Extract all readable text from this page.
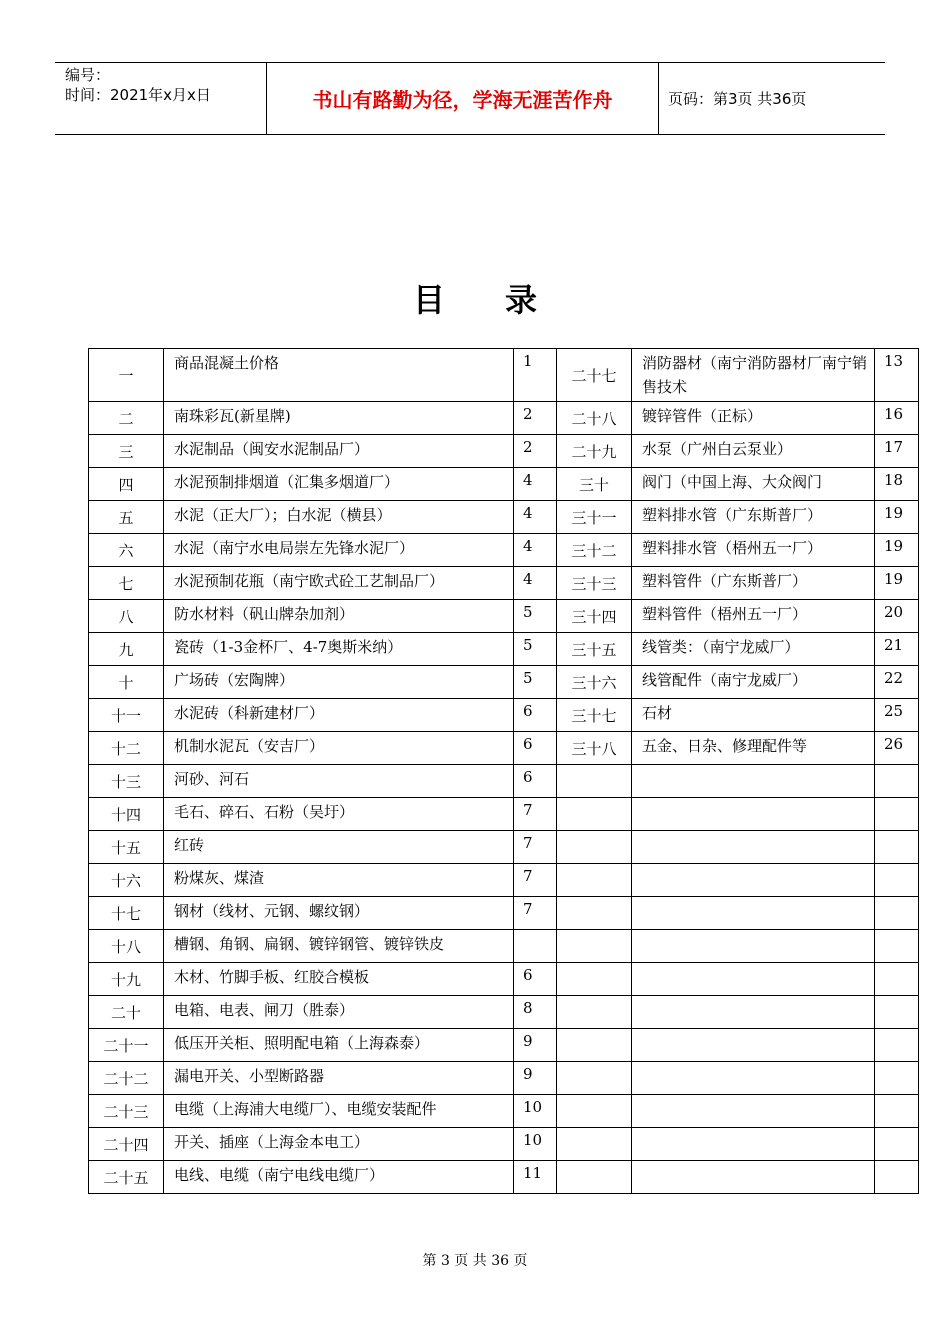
编号：
时间：2021年x月x日	书山有路勤为径，学海无涯苦作舟	页码：第3页 共36页
目录
一	商品混凝土价格	1	二十七	消防器材（南宁消防器材厂南宁销售技术	13
二	南珠彩瓦(新星牌)	2	二十八	镀锌管件（正标）	16
三	水泥制品（闽安水泥制品厂）	2	二十九	水泵（广州白云泵业）	17
四	水泥预制排烟道（汇集多烟道厂）	4	三十	阀门（中国上海、大众阀门	18
五	水泥（正大厂）；白水泥（横县）	4	三十一	塑料排水管（广东斯普厂）	19
六	水泥（南宁水电局崇左先锋水泥厂）	4	三十二	塑料排水管（梧州五一厂）	19
七	水泥预制花瓶（南宁欧式砼工艺制品厂）	4	三十三	塑料管件（广东斯普厂）	19
八	防水材料（矾山牌杂加剂）	5	三十四	塑料管件（梧州五一厂）	20
九	瓷砖（1-3金杯厂、4-7奥斯米纳）	5	三十五	线管类：（南宁龙威厂）	21
十	广场砖（宏陶牌）	5	三十六	线管配件（南宁龙威厂）	22
十一	水泥砖（科新建材厂）	6	三十七	石材	25
十二	机制水泥瓦（安吉厂）	6	三十八	五金、日杂、修理配件等	26
十三	河砂、河石	6			
十四	毛石、碎石、石粉（吴圩）	7			
十五	红砖	7			
十六	粉煤灰、煤渣	7			
十七	钢材（线材、元钢、螺纹钢）	7			
十八	槽钢、角钢、扁钢、镀锌钢管、镀锌铁皮				
十九	木材、竹脚手板、红胶合模板	6			
二十	电箱、电表、闸刀（胜泰）	8			
二十一	低压开关柜、照明配电箱（上海森泰）	9			
二十二	漏电开关、小型断路器	9			
二十三	电缆（上海浦大电缆厂）、电缆安装配件	10			
二十四	开关、插座（上海金本电工）	10			
二十五	电线、电缆（南宁电线电缆厂）	11			
第 3 页 共 36 页
